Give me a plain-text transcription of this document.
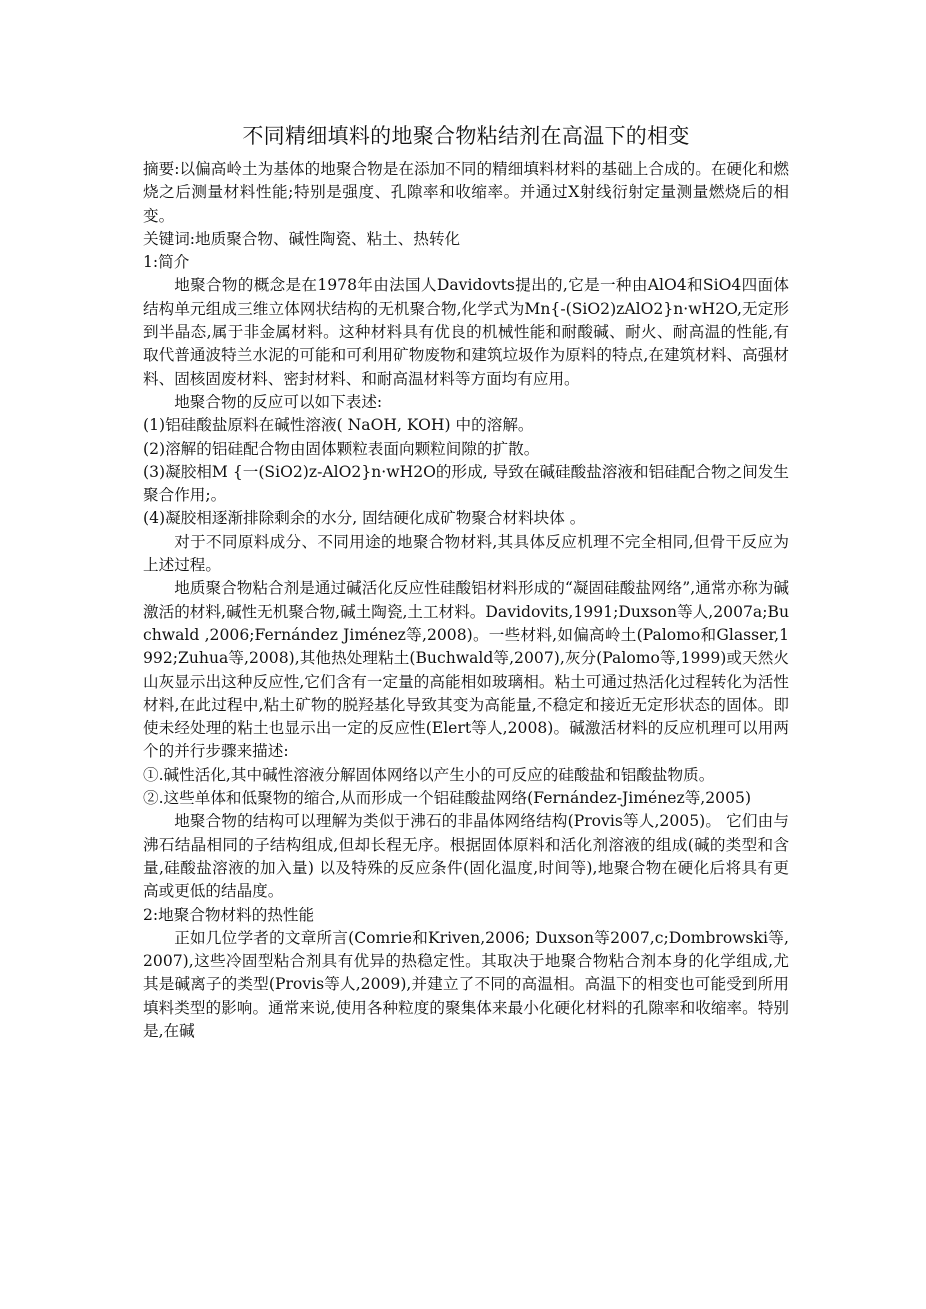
不同精细填料的地聚合物粘结剂在高温下的相变

摘要:以偏高岭土为基体的地聚合物是在添加不同的精细填料材料的基础上合成的。在硬化和燃烧之后测量材料性能;特别是强度、孔隙率和收缩率。并通过X射线衍射定量测量燃烧后的相变。

关键词:地质聚合物、碱性陶瓷、粘土、热转化

1:简介

地聚合物的概念是在1978年由法国人Davidovts提出的,它是一种由AlO4和SiO4四面体结构单元组成三维立体网状结构的无机聚合物,化学式为Mn{-(SiO2)zAlO2}n·wH2O,无定形到半晶态,属于非金属材料。这种材料具有优良的机械性能和耐酸碱、耐火、耐高温的性能,有取代普通波特兰水泥的可能和可利用矿物废物和建筑垃圾作为原料的特点,在建筑材料、高强材料、固核固废材料、密封材料、和耐高温材料等方面均有应用。

地聚合物的反应可以如下表述:

(1)铝硅酸盐原料在碱性溶液( NaOH, KOH) 中的溶解。

(2)溶解的铝硅配合物由固体颗粒表面向颗粒间隙的扩散。

(3)凝胶相M {一(SiO2)z-AlO2}n·wH2O的形成, 导致在碱硅酸盐溶液和铝硅配合物之间发生聚合作用;。

(4)凝胶相逐渐排除剩余的水分, 固结硬化成矿物聚合材料块体 。

对于不同原料成分、不同用途的地聚合物材料,其具体反应机理不完全相同,但骨干反应为上述过程。

地质聚合物粘合剂是通过碱活化反应性硅酸铝材料形成的“凝固硅酸盐网络”,通常亦称为碱激活的材料,碱性无机聚合物,碱土陶瓷,土工材料。Davidovits,1991;Duxson等人,2007a;Buchwald ,2006;Fernández Jiménez等,2008)。一些材料,如偏高岭土(Palomo和Glasser,1992;Zuhua等,2008),其他热处理粘土(Buchwald等,2007),灰分(Palomo等,1999)或天然火山灰显示出这种反应性,它们含有一定量的高能相如玻璃相。粘土可通过热活化过程转化为活性材料,在此过程中,粘土矿物的脱羟基化导致其变为高能量,不稳定和接近无定形状态的固体。即使未经处理的粘土也显示出一定的反应性(Elert等人,2008)。碱激活材料的反应机理可以用两个的并行步骤来描述:

①.碱性活化,其中碱性溶液分解固体网络以产生小的可反应的硅酸盐和铝酸盐物质。

②.这些单体和低聚物的缩合,从而形成一个铝硅酸盐网络(Fernández-Jiménez等,2005)

地聚合物的结构可以理解为类似于沸石的非晶体网络结构(Provis等人,2005)。 它们由与沸石结晶相同的子结构组成,但却长程无序。根据固体原料和活化剂溶液的组成(碱的类型和含量,硅酸盐溶液的加入量) 以及特殊的反应条件(固化温度,时间等),地聚合物在硬化后将具有更高或更低的结晶度。

2:地聚合物材料的热性能

正如几位学者的文章所言(Comrie和Kriven,2006; Duxson等2007,c;Dombrowski等,2007),这些冷固型粘合剂具有优异的热稳定性。其取决于地聚合物粘合剂本身的化学组成,尤其是碱离子的类型(Provis等人,2009),并建立了不同的高温相。高温下的相变也可能受到所用填料类型的影响。通常来说,使用各种粒度的聚集体来最小化硬化材料的孔隙率和收缩率。特别是,在碱
